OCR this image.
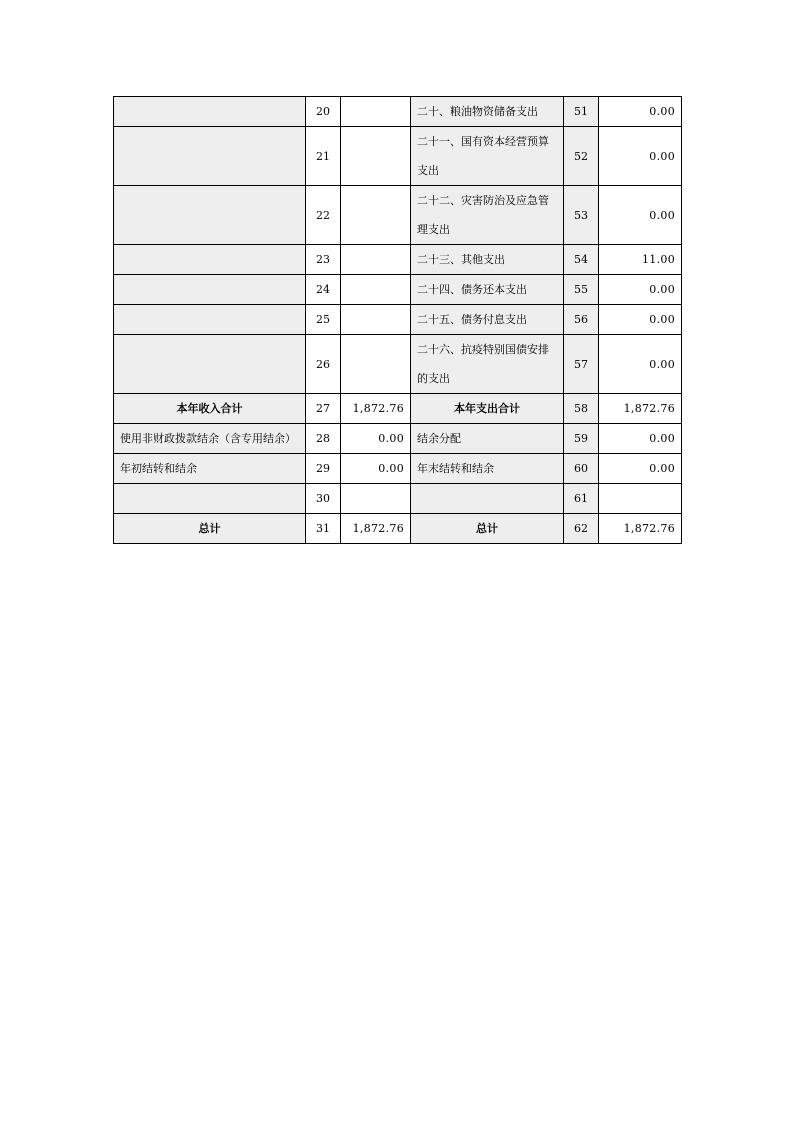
	20		二十、粮油物资储备支出	51	0.00
	21		二十一、国有资本经营预算支出	52	0.00
	22		二十二、灾害防治及应急管理支出	53	0.00
	23		二十三、其他支出	54	11.00
	24		二十四、债务还本支出	55	0.00
	25		二十五、债务付息支出	56	0.00
	26		二十六、抗疫特别国债安排的支出	57	0.00
本年收入合计	27	1,872.76	本年支出合计	58	1,872.76

使用非财政拨款结余（含专用结余）	28	0.00	结余分配	59	0.00
年初结转和结余	29	0.00	年末结转和结余	60	0.00
	30			61	
总计	31	1,872.76	总计	62	1,872.76
